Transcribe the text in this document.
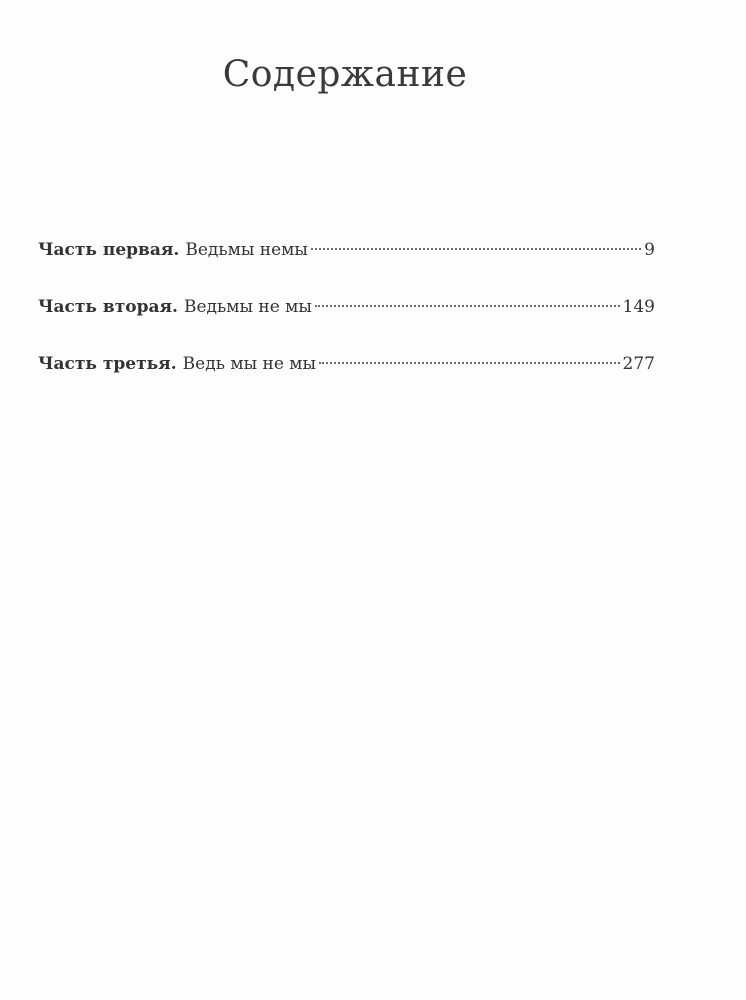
Содержание
Часть первая. Ведьмы немы	9
Часть вторая. Ведьмы не мы	149
Часть третья. Ведь мы не мы	277
